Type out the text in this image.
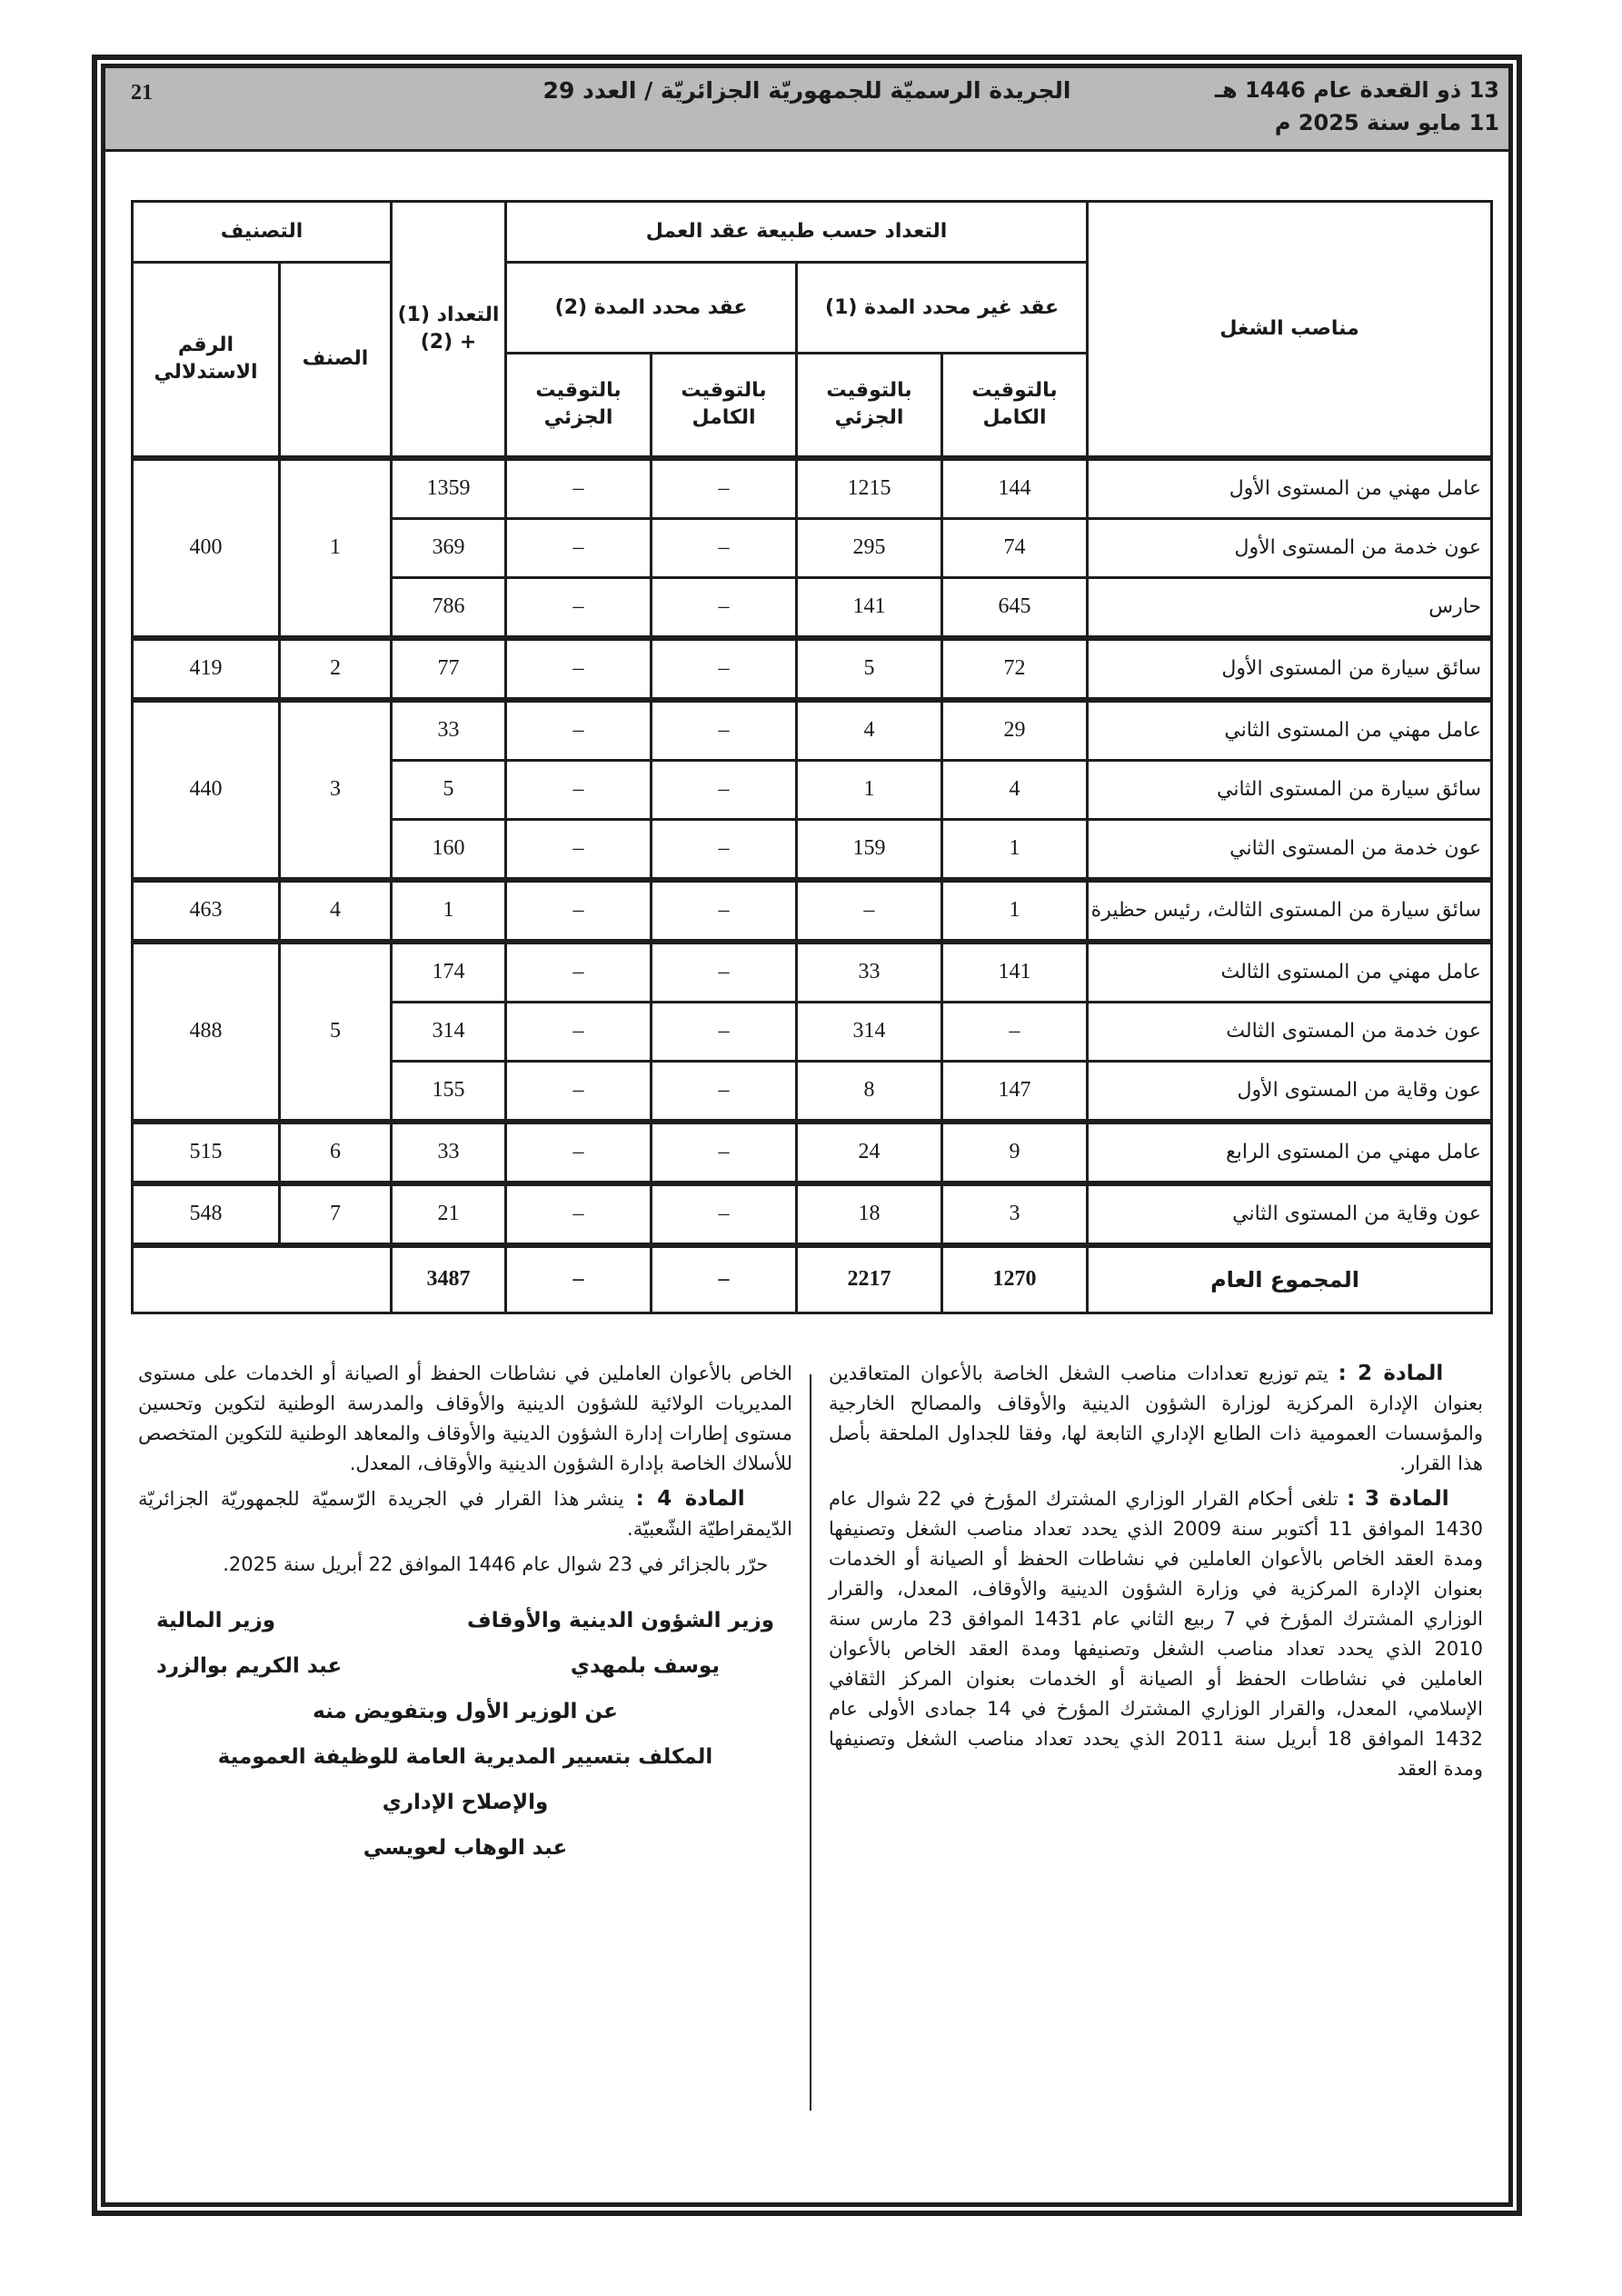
21	الجريدة الرسميّة للجمهوريّة الجزائريّة / العدد 29	13 ذو القعدة عام 1446 هـ
11 مايو سنة 2025 م
مناصب الشغل	التعداد حسب طبيعة عقد العمل				التعداد (1) + (2)	التصنيف	
	عقد غير محدد المدة (1)		عقد محدد المدة (2)			الصنف	الرقم الاستدلالي
	بالتوقيت الكامل	بالتوقيت الجزئي	بالتوقيت الكامل	بالتوقيت الجزئي			
عامل مهني من المستوى الأول	144	1215	–	–	1359	1	400
عون خدمة من المستوى الأول	74	295	–	–	369		
حارس	645	141	–	–	786		
سائق سيارة من المستوى الأول	72	5	–	–	77	2	419
عامل مهني من المستوى الثاني	29	4	–	–	33	3	440
سائق سيارة من المستوى الثاني	4	1	–	–	5		
عون خدمة من المستوى الثاني	1	159	–	–	160		
سائق سيارة من المستوى الثالث، رئيس حظيرة	1	–	–	–	1	4	463
عامل مهني من المستوى الثالث	141	33	–	–	174	5	488
عون خدمة من المستوى الثالث	–	314	–	–	314		
عون وقاية من المستوى الأول	147	8	–	–	155		
عامل مهني من المستوى الرابع	9	24	–	–	33	6	515
عون وقاية من المستوى الثاني	3	18	–	–	21	7	548
المجموع العام	1270	2217	–	–	3487		

المادة 2 : يتم توزيع تعدادات مناصب الشغل الخاصة بالأعوان المتعاقدين بعنوان الإدارة المركزية لوزارة الشؤون الدينية والأوقاف والمصالح الخارجية والمؤسسات العمومية ذات الطابع الإداري التابعة لها، وفقا للجداول الملحقة بأصل هذا القرار.

المادة 3 : تلغى أحكام القرار الوزاري المشترك المؤرخ في 22 شوال عام 1430 الموافق 11 أكتوبر سنة 2009 الذي يحدد تعداد مناصب الشغل وتصنيفها ومدة العقد الخاص بالأعوان العاملين في نشاطات الحفظ أو الصيانة أو الخدمات بعنوان الإدارة المركزية في وزارة الشؤون الدينية والأوقاف، المعدل، والقرار الوزاري المشترك المؤرخ في 7 ربيع الثاني عام 1431 الموافق 23 مارس سنة 2010 الذي يحدد تعداد مناصب الشغل وتصنيفها ومدة العقد الخاص بالأعوان العاملين في نشاطات الحفظ أو الصيانة أو الخدمات بعنوان المركز الثقافي الإسلامي، المعدل، والقرار الوزاري المشترك المؤرخ في 14 جمادى الأولى عام 1432 الموافق 18 أبريل سنة 2011 الذي يحدد تعداد مناصب الشغل وتصنيفها ومدة العقد

الخاص بالأعوان العاملين في نشاطات الحفظ أو الصيانة أو الخدمات على مستوى المديريات الولائية للشؤون الدينية والأوقاف والمدرسة الوطنية لتكوين وتحسين مستوى إطارات إدارة الشؤون الدينية والأوقاف والمعاهد الوطنية للتكوين المتخصص للأسلاك الخاصة بإدارة الشؤون الدينية والأوقاف، المعدل.

المادة 4 : ينشر هذا القرار في الجريدة الرّسميّة للجمهوريّة الجزائريّة الدّيمقراطيّة الشّعبيّة.

حرّر بالجزائر في 23 شوال عام 1446 الموافق 22 أبريل سنة 2025.

وزير الشؤون الدينية والأوقاف
وزير المالية
يوسف بلمهدي
عبد الكريم بوالزرد
عن الوزير الأول وبتفويض منه
المكلف بتسيير المديرية العامة للوظيفة العمومية
والإصلاح الإداري
عبد الوهاب لعويسي
